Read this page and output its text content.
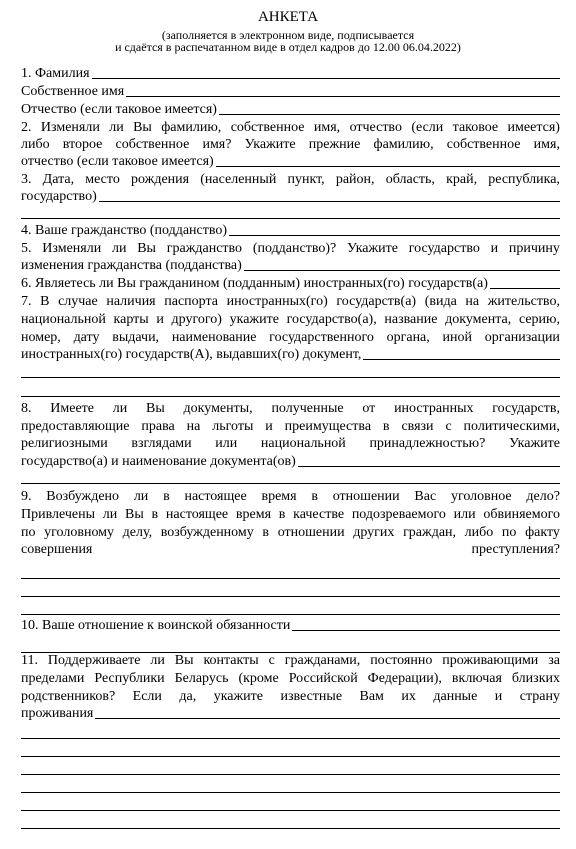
АНКЕТА
(заполняется в электронном виде, подписывается
и сдаётся в распечатанном виде в отдел кадров до 12.00 06.04.2022)
1. Фамилия
Собственное имя
Отчество (если таковое имеется)
2. Изменяли ли Вы фамилию, собственное имя, отчество (если таковое имеется)
либо второе собственное имя? Укажите прежние фамилию, собственное имя,
отчество (если таковое имеется)
3. Дата, место рождения (населенный пункт, район, область, край, республика,
государство)
4. Ваше гражданство (подданство)
5. Изменяли ли Вы гражданство (подданство)? Укажите государство и причину
изменения гражданства (подданства)
6. Являетесь ли Вы гражданином (подданным) иностранных(го) государств(а)
7. В случае наличия паспорта иностранных(го) государств(а) (вида на жительство,
национальной карты и другого) укажите государство(а), название документа, серию,
номер, дату выдачи, наименование государственного органа, иной организации
иностранных(го) государств(А), выдавших(го) документ,
8. Имеете ли Вы документы, полученные от иностранных государств,
предоставляющие права на льготы и преимущества в связи с политическими,
религиозными взглядами или национальной принадлежностью? Укажите
государство(а) и наименование документа(ов)
9. Возбуждено ли в настоящее время в отношении Вас уголовное дело?
Привлечены ли Вы в настоящее время в качестве подозреваемого или обвиняемого
по уголовному делу, возбужденному в отношении других граждан, либо по факту
совершения	преступления?
10. Ваше отношение к воинской обязанности
11. Поддерживаете ли Вы контакты с гражданами, постоянно проживающими за
пределами Республики Беларусь (кроме Российской Федерации), включая близких
родственников? Если да, укажите известные Вам их данные и страну
проживания
